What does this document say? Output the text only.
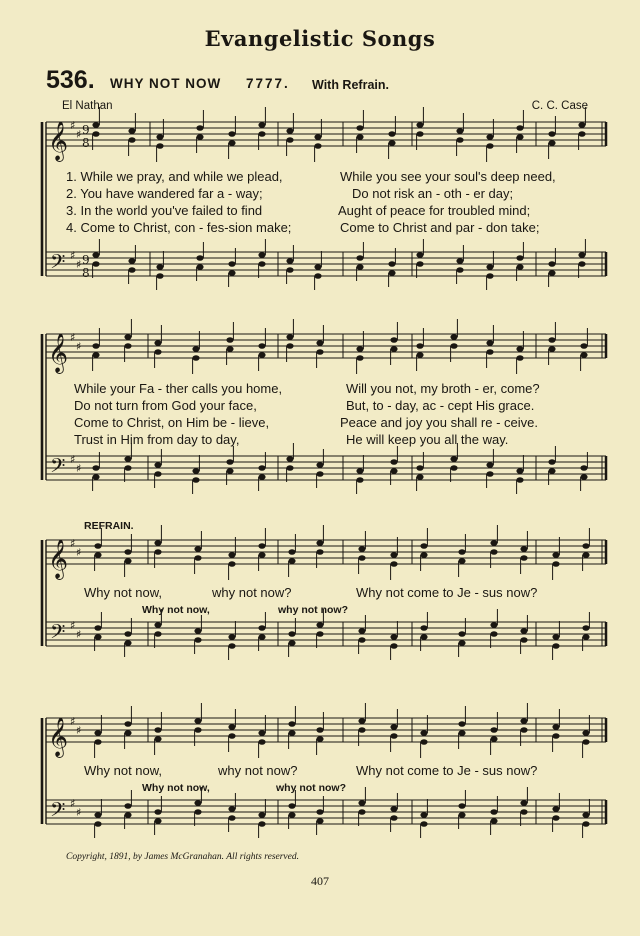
Evangelistic Songs
536. WHY NOT NOW 7777. With Refrain.
El Nathan	C. C. Case
𝄞 ♯
♯ 9
8
𝄢 ♯
♯ 9
8
𝄞 ♯
♯
𝄢 ♯
♯
𝄞 ♯
♯
𝄢 ♯
♯
𝄞 ♯
♯
𝄢 ♯
♯
1. While we pray, and while we plead,	While you see your soul's deep need,
2. You have wandered far a - way;	Do not risk an - oth - er day;
3. In the world you've failed to find	Aught of peace for troubled mind;
4. Come to Christ, con - fes-sion make;	Come to Christ and par - don take;
While your Fa - ther calls you home,	Will you not, my broth - er, come?
Do not turn from God your face,	But, to - day, ac - cept His grace.
Come to Christ, on Him be - lieve,	Peace and joy you shall re - ceive.
Trust in Him from day to day,	He will keep you all the way.
REFRAIN.
Why not now,	why not now?	Why not come to Je - sus now?
Why not now,	why not now?
Why not now,	why not now?	Why not come to Je - sus now?
Why not now,	why not now?
Copyright, 1891, by James McGranahan. All rights reserved.
407
